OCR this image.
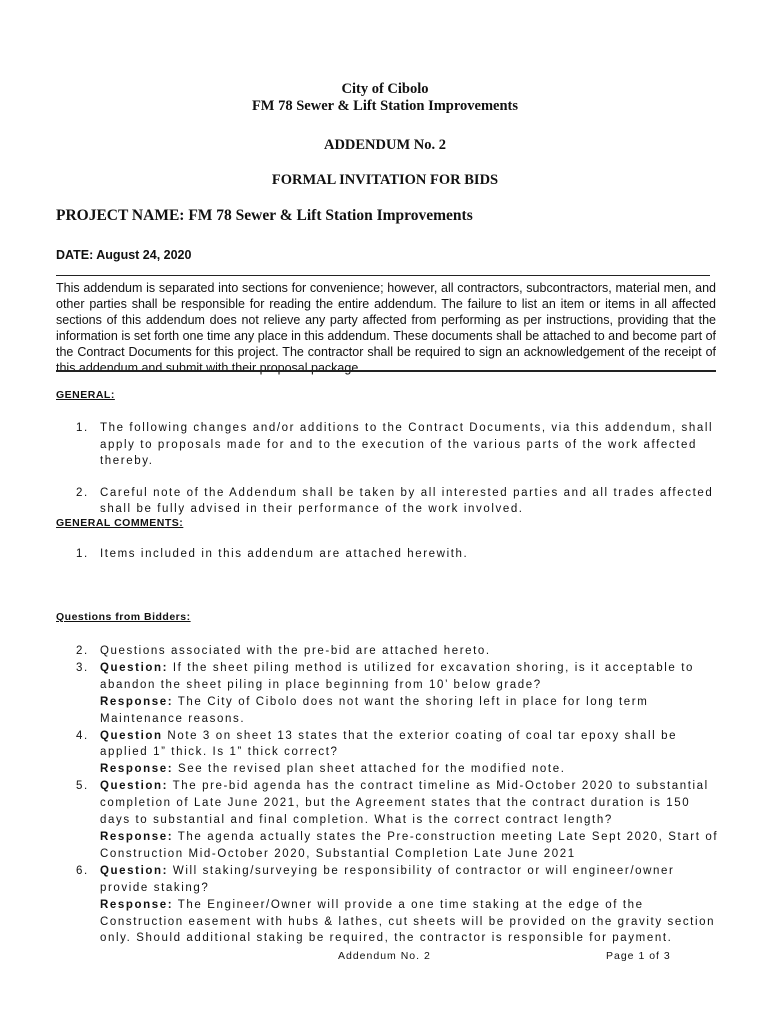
City of Cibolo
FM 78 Sewer & Lift Station Improvements
ADDENDUM No. 2
FORMAL INVITATION FOR BIDS
PROJECT NAME: FM 78 Sewer & Lift Station Improvements
DATE: August 24, 2020
This addendum is separated into sections for convenience; however, all contractors, subcontractors, material men, and other parties shall be responsible for reading the entire addendum. The failure to list an item or items in all affected sections of this addendum does not relieve any party affected from performing as per instructions, providing that the information is set forth one time any place in this addendum. These documents shall be attached to and become part of the Contract Documents for this project. The contractor shall be required to sign an acknowledgement of the receipt of this addendum and submit with their proposal package.
GENERAL:
1. The following changes and/or additions to the Contract Documents, via this addendum, shall apply to proposals made for and to the execution of the various parts of the work affected thereby.
2. Careful note of the Addendum shall be taken by all interested parties and all trades affected shall be fully advised in their performance of the work involved.
GENERAL COMMENTS:
1. Items included in this addendum are attached herewith.
Questions from Bidders:
2. Questions associated with the pre-bid are attached hereto.
3. Question: If the sheet piling method is utilized for excavation shoring, is it acceptable to abandon the sheet piling in place beginning from 10’ below grade?
Response: The City of Cibolo does not want the shoring left in place for long term Maintenance reasons.
4. Question Note 3 on sheet 13 states that the exterior coating of coal tar epoxy shall be applied 1” thick. Is 1” thick correct?
Response: See the revised plan sheet attached for the modified note.
5. Question: The pre-bid agenda has the contract timeline as Mid-October 2020 to substantial completion of Late June 2021, but the Agreement states that the contract duration is 150 days to substantial and final completion. What is the correct contract length?
Response: The agenda actually states the Pre-construction meeting Late Sept 2020, Start of Construction Mid-October 2020, Substantial Completion Late June 2021
6. Question: Will staking/surveying be responsibility of contractor or will engineer/owner provide staking?
Response: The Engineer/Owner will provide a one time staking at the edge of the Construction easement with hubs & lathes, cut sheets will be provided on the gravity section only. Should additional staking be required, the contractor is responsible for payment.
Addendum No. 2	Page 1 of 3
